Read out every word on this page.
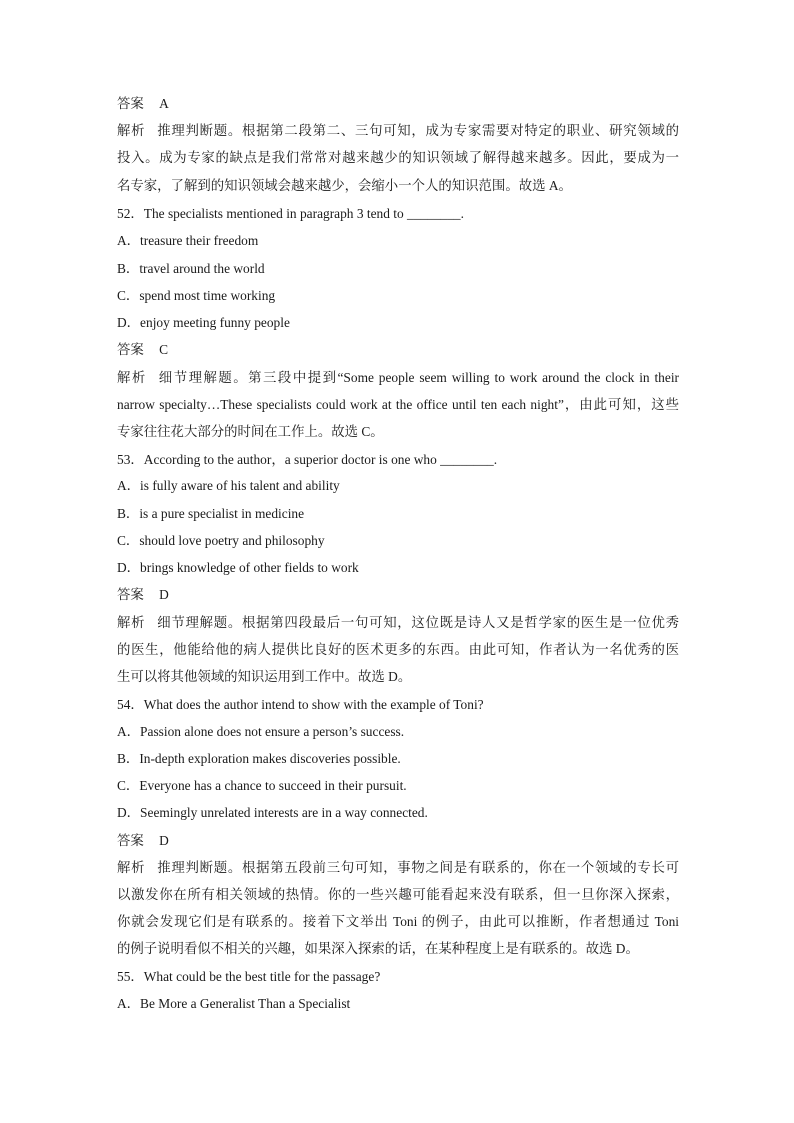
答案 A
解析 推理判断题。根据第二段第二、三句可知，成为专家需要对特定的职业、研究领域的
投入。成为专家的缺点是我们常常对越来越少的知识领域了解得越来越多。因此，要成为一
名专家，了解到的知识领域会越来越少，会缩小一个人的知识范围。故选 A。
52．The specialists mentioned in paragraph 3 tend to ________.
A．treasure their freedom
B．travel around the world
C．spend most time working
D．enjoy meeting funny people
答案 C
解析 细节理解题。第三段中提到“Some people seem willing to work around the clock in their
narrow specialty…These specialists could work at the office until ten each night”，由此可知，这些
专家往往花大部分的时间在工作上。故选 C。
53．According to the author，a superior doctor is one who ________.
A．is fully aware of his talent and ability
B．is a pure specialist in medicine
C．should love poetry and philosophy
D．brings knowledge of other fields to work
答案 D
解析 细节理解题。根据第四段最后一句可知，这位既是诗人又是哲学家的医生是一位优秀
的医生，他能给他的病人提供比良好的医术更多的东西。由此可知，作者认为一名优秀的医
生可以将其他领域的知识运用到工作中。故选 D。
54．What does the author intend to show with the example of Toni?
A．Passion alone does not ensure a person’s success.
B．In-depth exploration makes discoveries possible.
C．Everyone has a chance to succeed in their pursuit.
D．Seemingly unrelated interests are in a way connected.
答案 D
解析 推理判断题。根据第五段前三句可知，事物之间是有联系的，你在一个领域的专长可
以激发你在所有相关领域的热情。你的一些兴趣可能看起来没有联系，但一旦你深入探索，
你就会发现它们是有联系的。接着下文举出 Toni 的例子，由此可以推断，作者想通过 Toni
的例子说明看似不相关的兴趣，如果深入探索的话，在某种程度上是有联系的。故选 D。
55．What could be the best title for the passage?
A．Be More a Generalist Than a Specialist
